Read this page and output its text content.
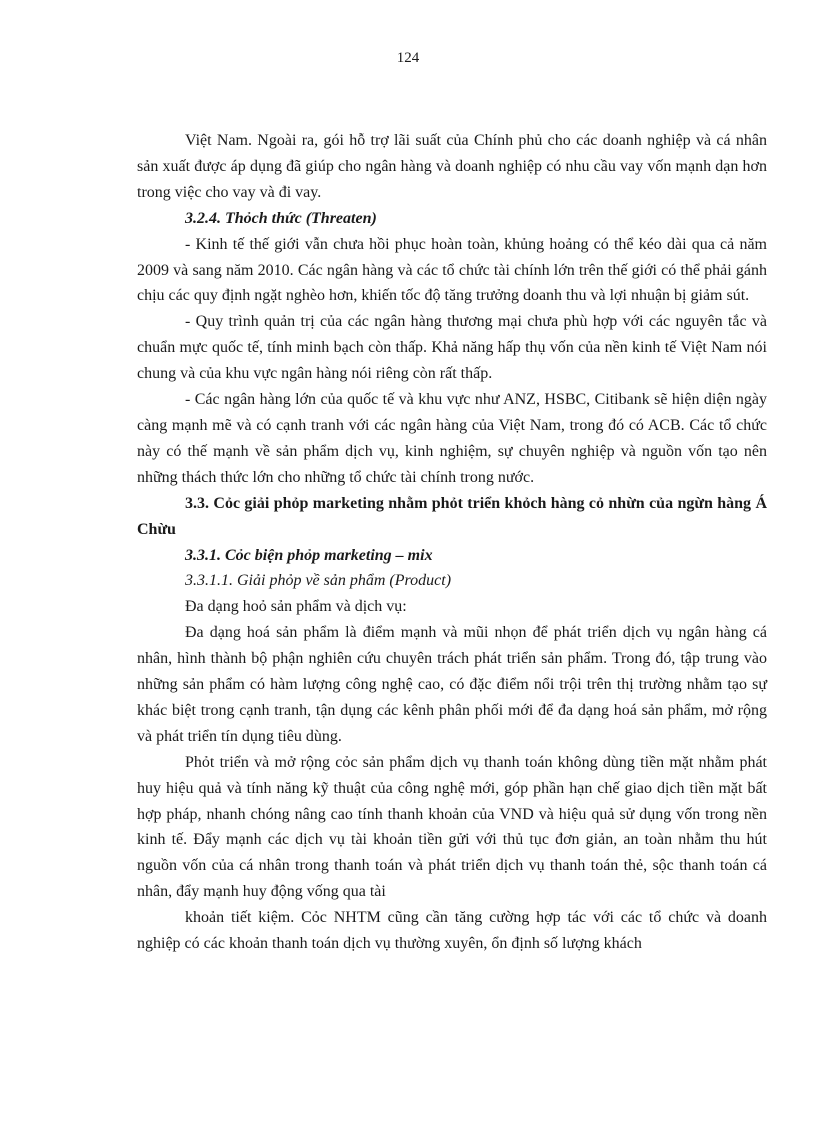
124

Việt Nam. Ngoài ra, gói hỗ trợ lãi suất của Chính phủ cho các doanh nghiệp và cá nhân sản xuất được áp dụng đã giúp cho ngân hàng và doanh nghiệp có nhu cầu vay vốn mạnh dạn hơn trong việc cho vay và đi vay.

3.2.4. Thỏch thức (Threaten)

- Kinh tế thế giới vẫn chưa hồi phục hoàn toàn, khủng hoảng có thể kéo dài qua cả năm 2009 và sang năm 2010. Các ngân hàng và các tổ chức tài chính lớn trên thế giới có thể phải gánh chịu các quy định ngặt nghèo hơn, khiến tốc độ tăng trưởng doanh thu và lợi nhuận bị giảm sút.

- Quy trình quản trị của các ngân hàng thương mại chưa phù hợp với các nguyên tắc và chuẩn mực quốc tế, tính minh bạch còn thấp. Khả năng hấp thụ vốn của nền kinh tế Việt Nam nói chung và của khu vực ngân hàng nói riêng còn rất thấp.

- Các ngân hàng lớn của quốc tế và khu vực như ANZ, HSBC, Citibank sẽ hiện diện ngày càng mạnh mẽ và có cạnh tranh với các ngân hàng của Việt Nam, trong đó có ACB. Các tổ chức này có thế mạnh về sản phẩm dịch vụ, kinh nghiệm, sự chuyên nghiệp và nguồn vốn tạo nên những thách thức lớn cho những tổ chức tài chính trong nước.

3.3. Cỏc giải phỏp marketing nhằm phỏt triển khỏch hàng cỏ nhừn của ngừn hàng Á Chừu

3.3.1. Cỏc biện phỏp marketing – mix

3.3.1.1. Giải phỏp về sản phẩm (Product)

Đa dạng hoỏ sản phẩm và dịch vụ:

Đa dạng hoá sản phẩm là điểm mạnh và mũi nhọn để phát triển dịch vụ ngân hàng cá nhân, hình thành bộ phận nghiên cứu chuyên trách phát triển sản phẩm. Trong đó, tập trung vào những sản phẩm có hàm lượng công nghệ cao, có đặc điểm nổi trội trên thị trường nhằm tạo sự khác biệt trong cạnh tranh, tận dụng các kênh phân phối mới để đa dạng hoá sản phẩm, mở rộng và phát triển tín dụng tiêu dùng.

Phỏt triển và mở rộng cỏc sản phẩm dịch vụ thanh toán không dùng tiền mặt nhằm phát huy hiệu quả và tính năng kỹ thuật của công nghệ mới, góp phần hạn chế giao dịch tiền mặt bất hợp pháp, nhanh chóng nâng cao tính thanh khoản của VND và hiệu quả sử dụng vốn trong nền kinh tế. Đẩy mạnh các dịch vụ tài khoản tiền gửi với thủ tục đơn giản, an toàn nhằm thu hút nguồn vốn của cá nhân trong thanh toán và phát triển dịch vụ thanh toán thẻ, sộc thanh toán cá nhân, đẩy mạnh huy động vống qua tài

khoản tiết kiệm. Cỏc NHTM cũng cần tăng cường hợp tác với các tổ chức và doanh nghiệp có các khoản thanh toán dịch vụ thường xuyên, ổn định số lượng khách
